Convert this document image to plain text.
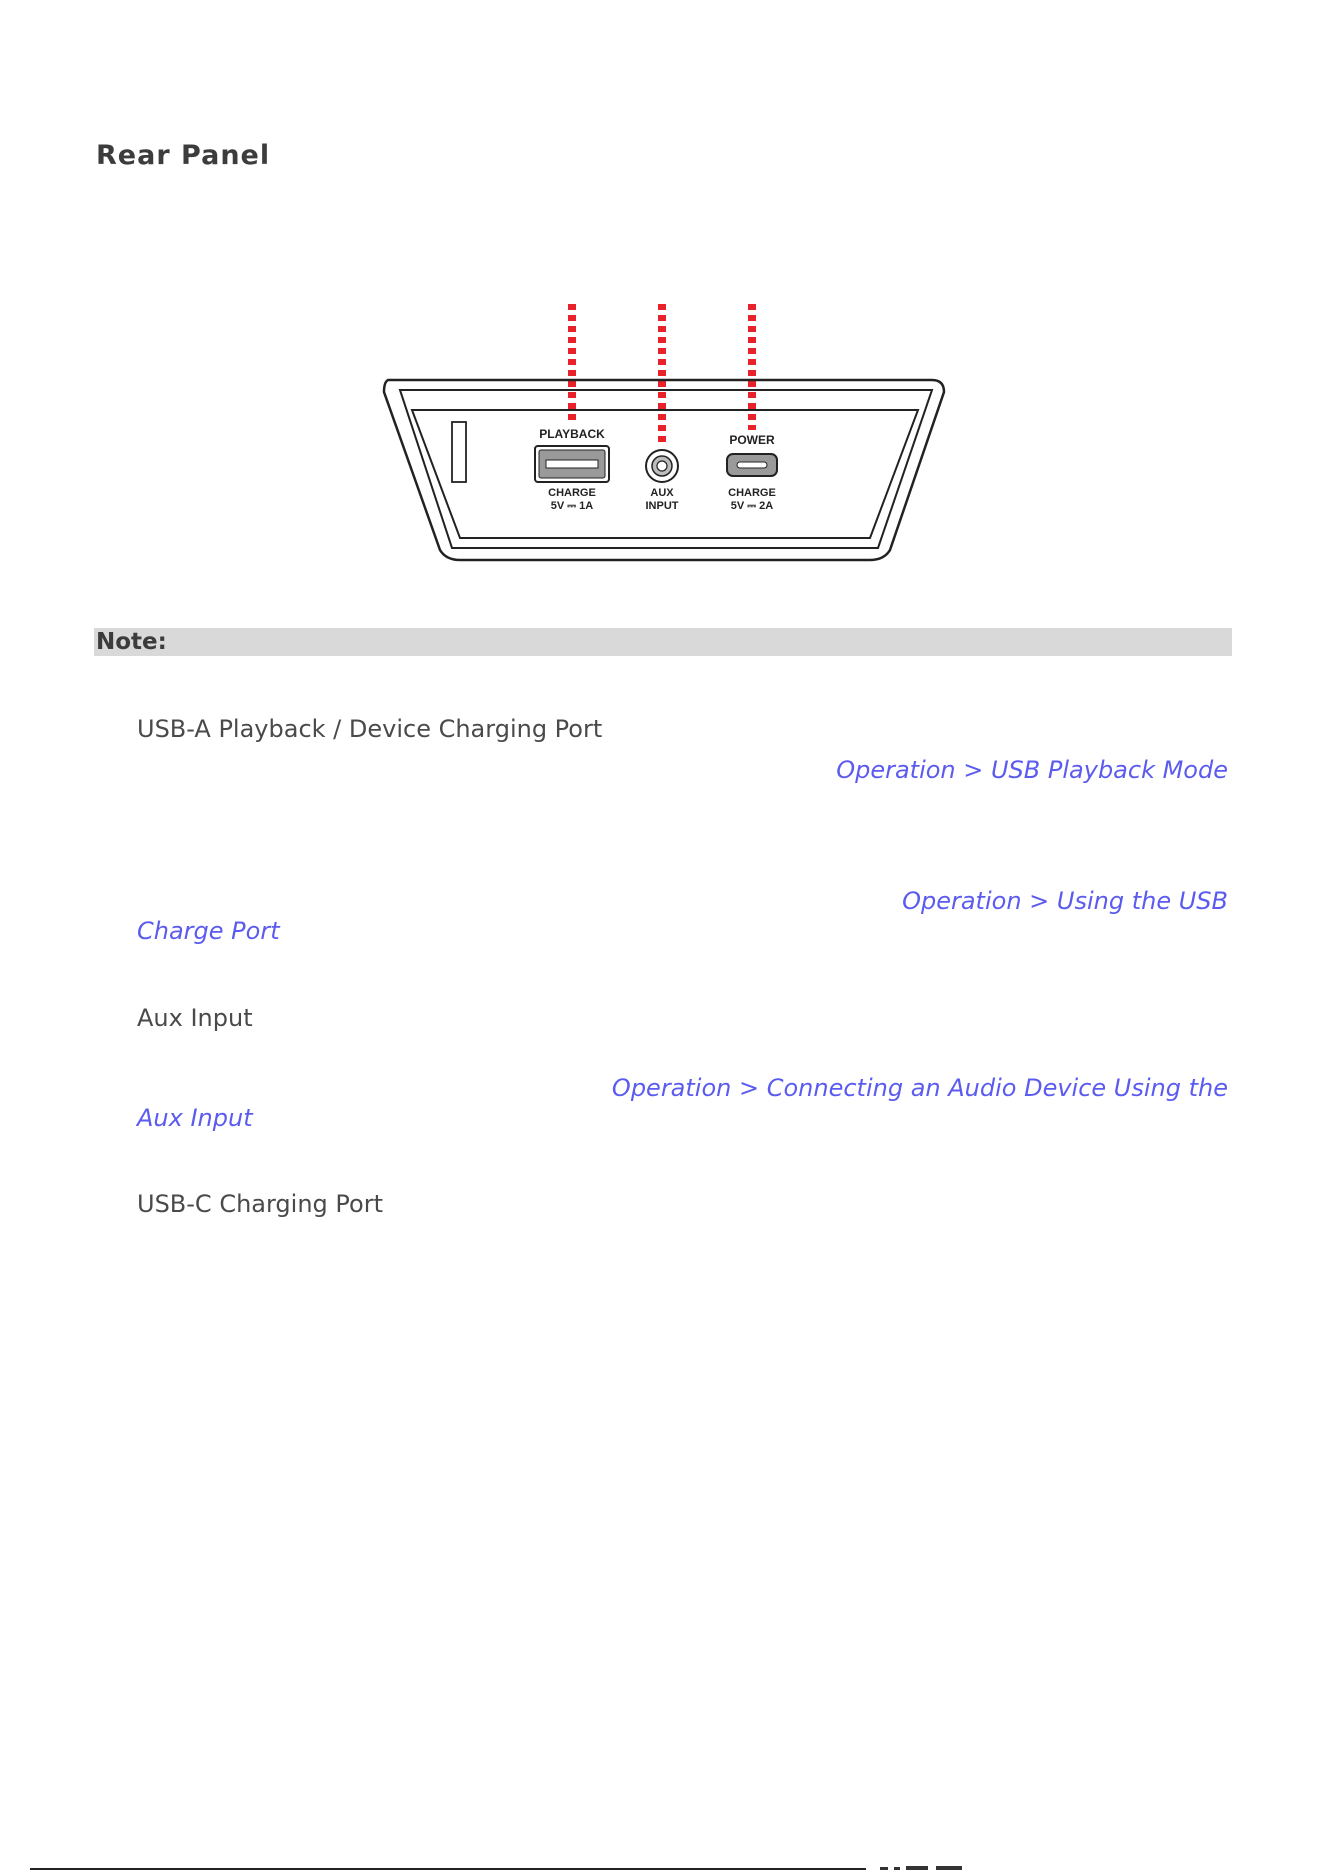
Rear Panel
PLAYBACK
CHARGE
5V ⎓ 1A
AUX
INPUT
POWER
CHARGE
5V ⎓ 2A
Note:
USB-A Playback / Device Charging Port
Operation > USB Playback Mode
Operation > Using the USB
Charge Port
Aux Input
Operation > Connecting an Audio Device Using the
Aux Input
USB-C Charging Port
